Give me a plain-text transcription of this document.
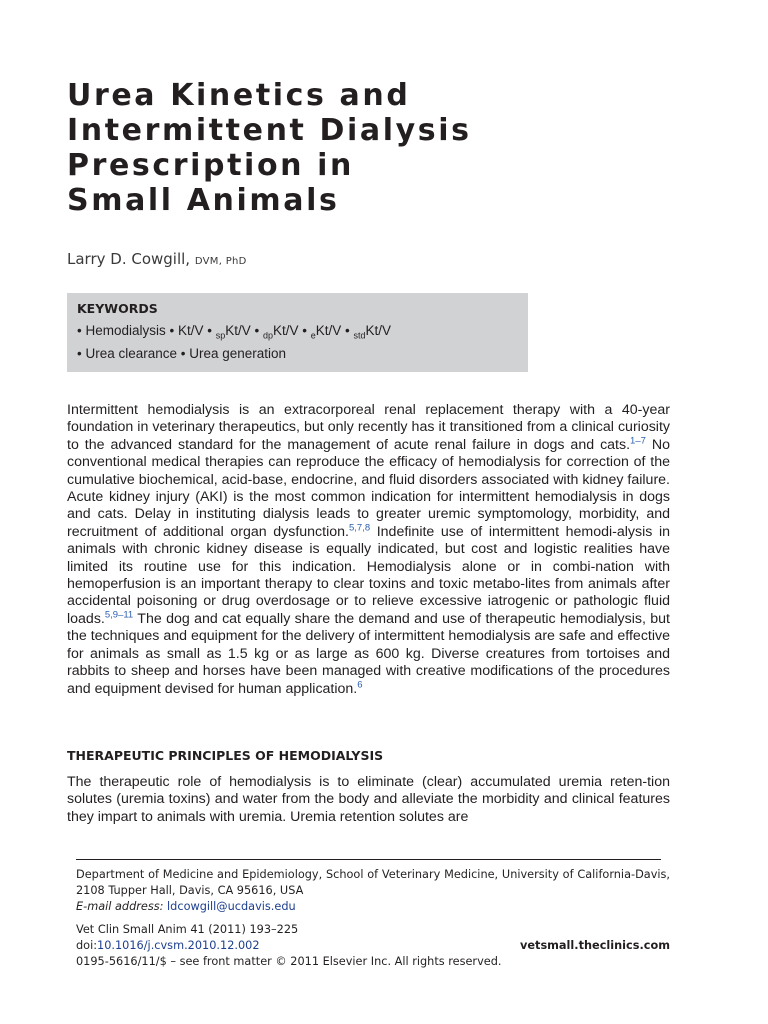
Urea Kinetics and
Intermittent Dialysis
Prescription in
Small Animals
Larry D. Cowgill, DVM, PhD
KEYWORDS
• Hemodialysis • Kt/V • $_{sp}$Kt/V • $_{dp}$Kt/V • $_e$Kt/V • $_{std}$Kt/V
• Urea clearance • Urea generation

Intermittent hemodialysis is an extracorporeal renal replacement therapy with a 40-year foundation in veterinary therapeutics, but only recently has it transitioned from a clinical curiosity to the advanced standard for the management of acute renal failure in dogs and cats.$^{1-7}$ No conventional medical therapies can reproduce the efficacy of hemodialysis for correction of the cumulative biochemical, acid-base, endocrine, and fluid disorders associated with kidney failure. Acute kidney injury (AKI) is the most common indication for intermittent hemodialysis in dogs and cats. Delay in instituting dialysis leads to greater uremic symptomology, morbidity, and recruitment of additional organ dysfunction.$^{5,7,8}$ Indefinite use of intermittent hemodi-alysis in animals with chronic kidney disease is equally indicated, but cost and logistic realities have limited its routine use for this indication. Hemodialysis alone or in combi-nation with hemoperfusion is an important therapy to clear toxins and toxic metabo-lites from animals after accidental poisoning or drug overdosage or to relieve excessive iatrogenic or pathologic fluid loads.$^{5,9-11}$ The dog and cat equally share the demand and use of therapeutic hemodialysis, but the techniques and equipment for the delivery of intermittent hemodialysis are safe and effective for animals as small as 1.5 kg or as large as 600 kg. Diverse creatures from tortoises and rabbits to sheep and horses have been managed with creative modifications of the procedures and equipment devised for human application.$^6$

THERAPEUTIC PRINCIPLES OF HEMODIALYSIS

The therapeutic role of hemodialysis is to eliminate (clear) accumulated uremia reten-tion solutes (uremia toxins) and water from the body and alleviate the morbidity and clinical features they impart to animals with uremia. Uremia retention solutes are

Department of Medicine and Epidemiology, School of Veterinary Medicine, University of California-Davis, 2108 Tupper Hall, Davis, CA 95616, USA
E-mail address: ldcowgill@ucdavis.edu
Vet Clin Small Anim 41 (2011) 193–225
doi:10.1016/j.cvsm.2010.12.002	vetsmall.theclinics.com
0195-5616/11/$ – see front matter © 2011 Elsevier Inc. All rights reserved.
